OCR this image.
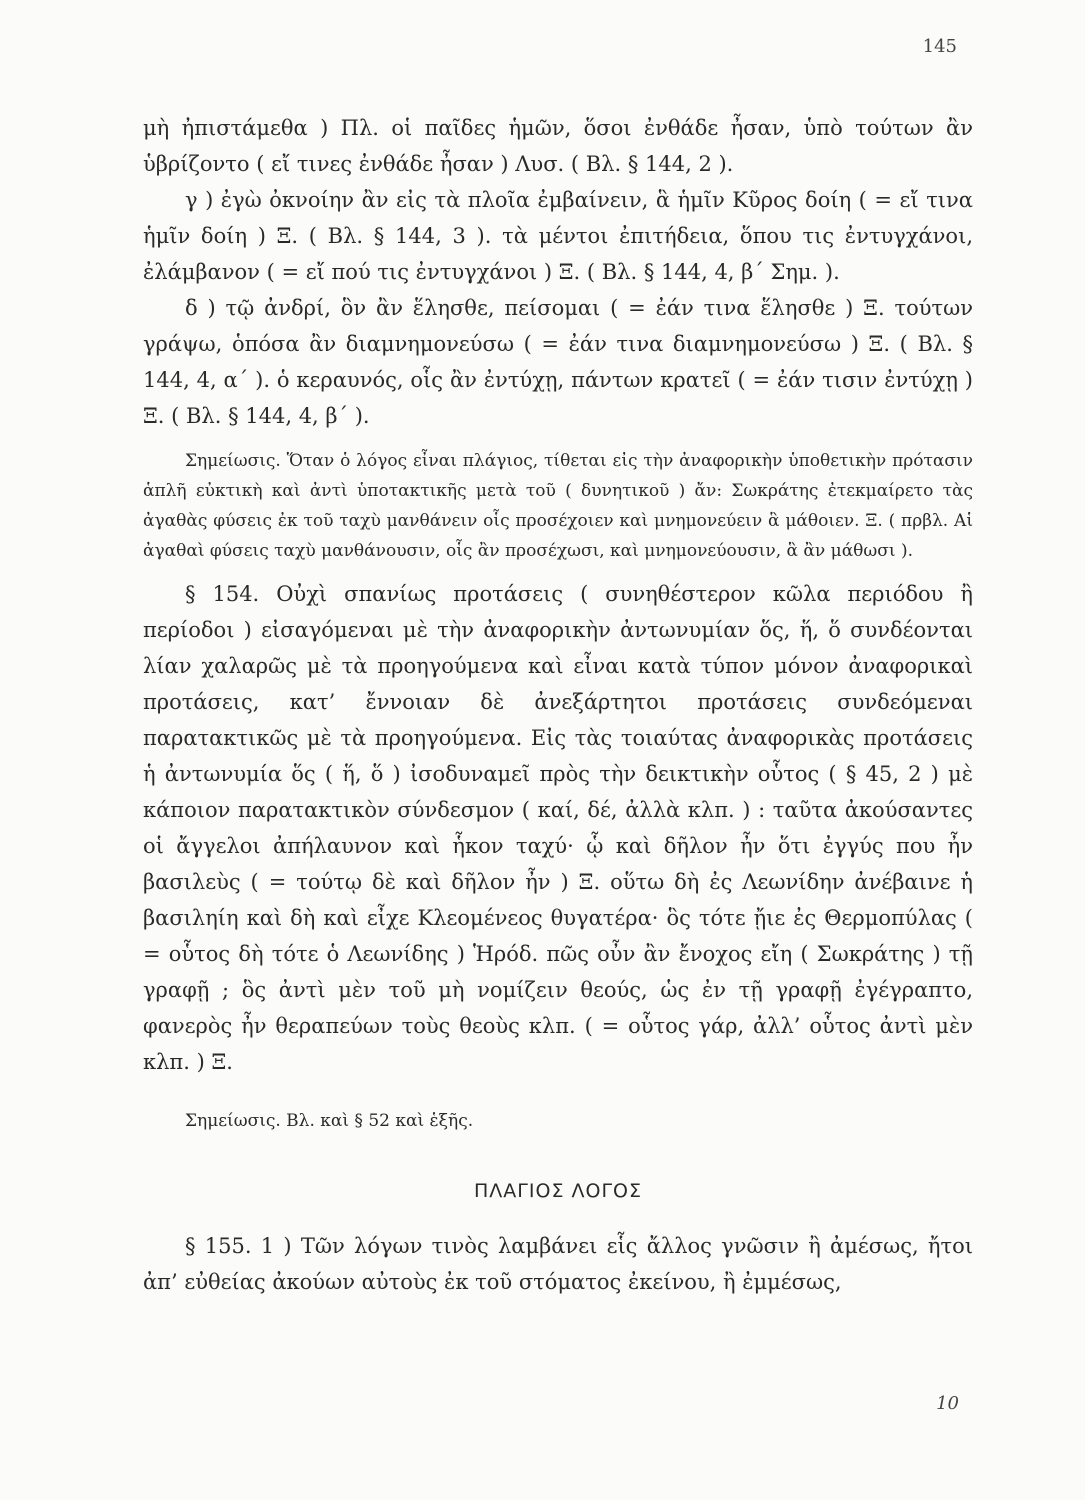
145

μὴ ἠπιστάμεθα ) Πλ. οἱ παῖδες ἡμῶν, ὅσοι ἐνθάδε ἦσαν, ὑπὸ τούτων ἂν ὑβρίζοντο ( εἴ τινες ἐνθάδε ἦσαν ) Λυσ. ( Βλ. § 144, 2 ).

γ ) ἐγὼ ὀκνοίην ἂν εἰς τὰ πλοῖα ἐμβαίνειν, ἃ ἡμῖν Κῦρος δοίη ( = εἴ τινα ἡμῖν δοίη ) Ξ. ( Βλ. § 144, 3 ). τὰ μέντοι ἐπιτήδεια, ὅπου τις ἐντυγχάνοι, ἐλάμβανον ( = εἴ πού τις ἐντυγχάνοι ) Ξ. ( Βλ. § 144, 4, β΄ Σημ. ).

δ ) τῷ ἀνδρί, ὃν ἂν ἕλησθε, πείσομαι ( = ἐάν τινα ἕλησθε ) Ξ. τούτων γράψω, ὁπόσα ἂν διαμνημονεύσω ( = ἐάν τινα διαμνημονεύσω ) Ξ. ( Βλ. § 144, 4, α΄ ). ὁ κεραυνός, οἷς ἂν ἐντύχῃ, πάντων κρατεῖ ( = ἐάν τισιν ἐντύχῃ ) Ξ. ( Βλ. § 144, 4, β΄ ).

Σημείωσις. Ὅταν ὁ λόγος εἶναι πλάγιος, τίθεται εἰς τὴν ἀναφορικὴν ὑποθετικὴν πρότασιν ἁπλῆ εὐκτικὴ καὶ ἀντὶ ὑποτακτικῆς μετὰ τοῦ ( δυνητικοῦ ) ἄν: Σωκράτης ἐτεκμαίρετο τὰς ἀγαθὰς φύσεις ἐκ τοῦ ταχὺ μανθάνειν οἷς προσέχοιεν καὶ μνημονεύειν ἃ μάθοιεν. Ξ. ( πρβλ. Αἱ ἀγαθαὶ φύσεις ταχὺ μανθάνουσιν, οἷς ἂν προσέχωσι, καὶ μνημονεύουσιν, ἃ ἂν μάθωσι ).

§ 154. Οὐχὶ σπανίως προτάσεις ( συνηθέστερον κῶλα περιόδου ἢ περίοδοι ) εἰσαγόμεναι μὲ τὴν ἀναφορικὴν ἀντωνυμίαν ὅς, ἥ, ὅ συνδέονται λίαν χαλαρῶς μὲ τὰ προηγούμενα καὶ εἶναι κατὰ τύπον μόνον ἀναφορικαὶ προτάσεις, κατ’ ἔννοιαν δὲ ἀνεξάρτητοι προτάσεις συνδεόμεναι παρατακτικῶς μὲ τὰ προηγούμενα. Εἰς τὰς τοιαύτας ἀναφορικὰς προτάσεις ἡ ἀντωνυμία ὅς ( ἥ, ὅ ) ἰσοδυναμεῖ πρὸς τὴν δεικτικὴν οὗτος ( § 45, 2 ) μὲ κάποιον παρατακτικὸν σύνδεσμον ( καί, δέ, ἀλλὰ κλπ. ) : ταῦτα ἀκούσαντες οἱ ἄγγελοι ἀπήλαυνον καὶ ἧκον ταχύ· ᾧ καὶ δῆλον ἦν ὅτι ἐγγύς που ἦν βασιλεὺς ( = τούτῳ δὲ καὶ δῆλον ἦν ) Ξ. οὕτω δὴ ἐς Λεωνίδην ἀνέβαινε ἡ βασιληίη καὶ δὴ καὶ εἶχε Κλεομένεος θυγατέρα· ὃς τότε ᾔιε ἐς Θερμοπύλας ( = οὗτος δὴ τότε ὁ Λεωνίδης ) Ἡρόδ. πῶς οὖν ἂν ἔνοχος εἴη ( Σωκράτης ) τῇ γραφῇ ; ὃς ἀντὶ μὲν τοῦ μὴ νομίζειν θεούς, ὡς ἐν τῇ γραφῇ ἐγέγραπτο, φανερὸς ἦν θεραπεύων τοὺς θεοὺς κλπ. ( = οὗτος γάρ, ἀλλ’ οὗτος ἀντὶ μὲν κλπ. ) Ξ.

Σημείωσις. Βλ. καὶ § 52 καὶ ἑξῆς.

ΠΛΑΓΙΟΣ ΛΟΓΟΣ

§ 155. 1 ) Τῶν λόγων τινὸς λαμβάνει εἷς ἄλλος γνῶσιν ἢ ἀμέσως, ἤτοι ἀπ’ εὐθείας ἀκούων αὐτοὺς ἐκ τοῦ στόματος ἐκείνου, ἢ ἐμμέσως,

10
